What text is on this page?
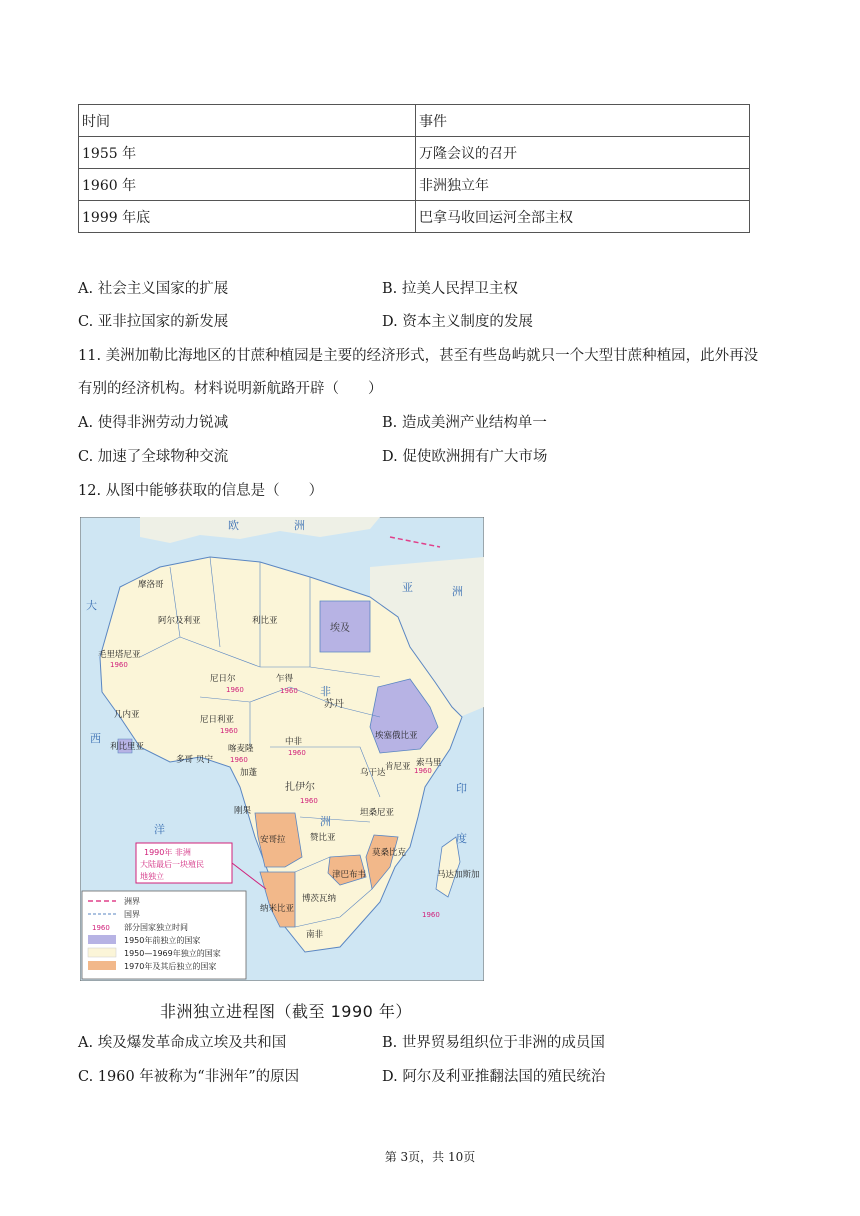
时间	事件
1955 年	万隆会议的召开
1960 年	非洲独立年
1999 年底	巴拿马收回运河全部主权
A. 社会主义国家的扩展	B. 拉美人民捍卫主权
C. 亚非拉国家的新发展	D. 资本主义制度的发展
11. 美洲加勒比海地区的甘蔗种植园是主要的经济形式，甚至有些岛屿就只一个大型甘蔗种植园，此外再没
有别的经济机构。材料说明新航路开辟（　　）
A. 使得非洲劳动力锐减	B. 造成美洲产业结构单一
C. 加速了全球物种交流	D. 促使欧洲拥有广大市场
12. 从图中能够获取的信息是（　　）
欧	洲
亚	洲
非
洲
大
西
洋
印
度
摩洛哥
阿尔及利亚	利比亚
埃及
毛里塔尼亚
1960
尼日尔
1960
乍得
1960
苏丹
尼日利亚
1960
中非
1960
埃塞俄比亚
喀麦隆
1960
扎伊尔
1960
乌干达
肯尼亚 索马里
1960
坦桑尼亚
安哥拉	赞比亚
纳米比亚
津巴布韦
博茨瓦纳
莫桑比克
南非
马达加斯加
1960
利比里亚
几内亚
多哥 贝宁
加蓬
刚果
1990年 非洲
大陆最后一块殖民
地独立
洲界
国界
1960 部分国家独立时间
1950年前独立的国家
1950—1969年独立的国家
1970年及其后独立的国家
非洲独立进程图（截至 1990 年）
A. 埃及爆发革命成立埃及共和国	B. 世界贸易组织位于非洲的成员国
C. 1960 年被称为“非洲年”的原因	D. 阿尔及利亚推翻法国的殖民统治
第 3页，共 10页
